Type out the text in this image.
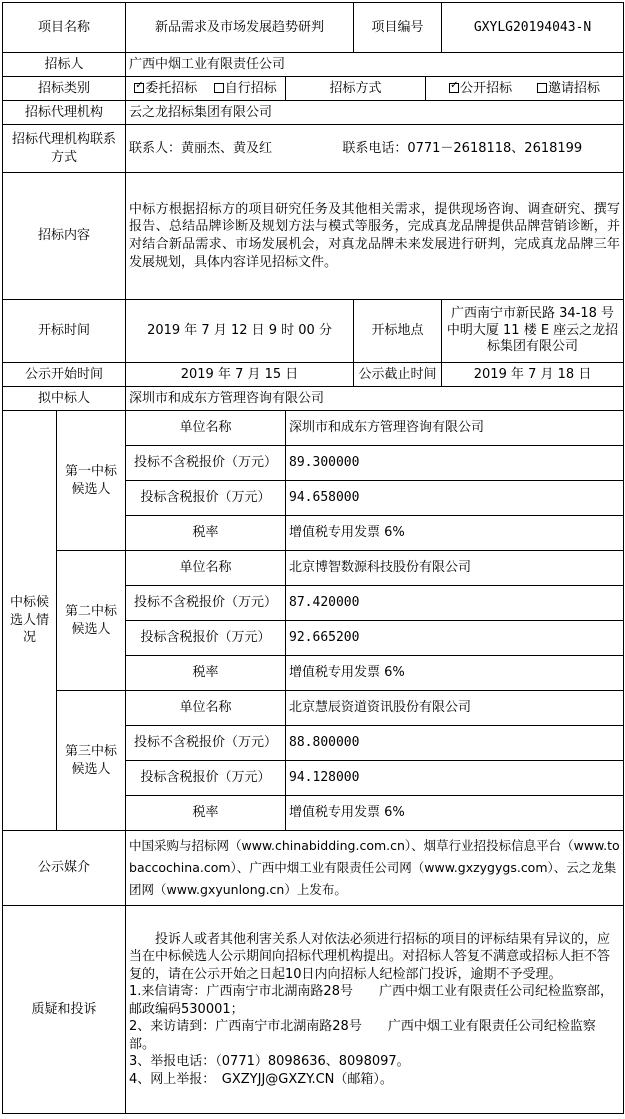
项目名称		新品需求及市场发展趋势研判		项目编号		GXYLG20194043-N
招标人		广西中烟工业有限责任公司				
招标类别	✓委托招标 自行招标	招标方式	✓公开招标 邀请招标
招标代理机构		云之龙招标集团有限公司				
招标代理机构联系方式		联系人：黄丽杰、黄及红 联系电话：0771－2618118、2618199				
招标内容		中标方根据招标方的项目研究任务及其他相关需求，提供现场咨询、调查研究、撰写报告、总结品牌诊断及规划方法与模式等服务，完成真龙品牌提供品牌营销诊断，并对结合新品需求、市场发展机会，对真龙品牌未来发展进行研判，完成真龙品牌三年发展规划，具体内容详见招标文件。				
开标时间		2019 年 7 月 12 日 9 时 00 分		开标地点		广西南宁市新民路 34-18 号中明大厦 11 楼 E 座云之龙招标集团有限公司
公示开始时间		2019 年 7 月 15 日		公示截止时间		2019 年 7 月 18 日
拟中标人		深圳市和成东方管理咨询有限公司				
中标候选人情况	第一中标候选人	单位名称	深圳市和成东方管理咨询有限公司			
		投标不含税报价（万元）	89.300000			
		投标含税报价（万元）	94.658000			
		税率	增值税专用发票 6%			
	第二中标候选人	单位名称	北京博智数源科技股份有限公司			
		投标不含税报价（万元）	87.420000			
		投标含税报价（万元）	92.665200			
		税率	增值税专用发票 6%			
	第三中标候选人	单位名称	北京慧辰资道资讯股份有限公司			
		投标不含税报价（万元）	88.800000			
		投标含税报价（万元）	94.128000			
		税率	增值税专用发票 6%			
公示媒介		中国采购与招标网（www.chinabidding.com.cn）、烟草行业招投标信息平台（www.tobaccochina.com）、广西中烟工业有限责任公司网（www.gxzygygs.com）、云之龙集团网（www.gxyunlong.cn）上发布。				
质疑和投诉		投诉人或者其他利害关系人对依法必须进行招标的项目的评标结果有异议的，应当在中标候选人公示期间向招标代理机构提出。对招标人答复不满意或招标人拒不答复的，请在公示开始之日起10日内向招标人纪检部门投诉，逾期不予受理。

1.来信请寄：广西南宁市北湖南路28号　　广西中烟工业有限责任公司纪检监察部，邮政编码530001；

2、来访请到：广西南宁市北湖南路28号　　广西中烟工业有限责任公司纪检监察部。

3、举报电话：（0771）8098636、8098097。

4、网上举报：　GXZYJJ@GXZY.CN（邮箱）。				
